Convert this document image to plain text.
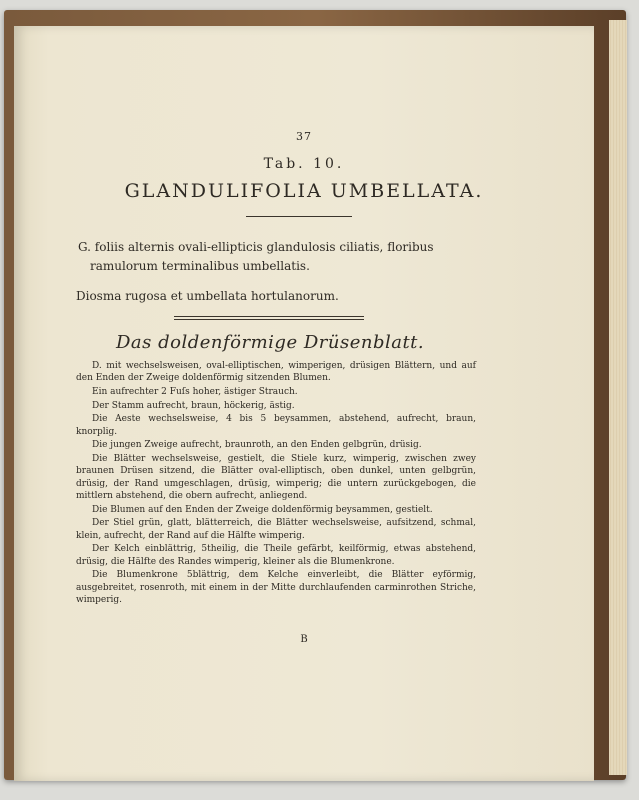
37
Tab. 10.
GLANDULIFOLIA UMBELLATA.
G. foliis alternis ovali-ellipticis glandulosis ciliatis, floribus ramulorum terminalibus umbellatis.
Diosma rugosa et umbellata hortulanorum.
Das doldenförmige Drüsenblatt.

D. mit wechselsweisen, oval-elliptischen, wimperigen, drüsigen Blättern, und auf den Enden der Zweige doldenförmig sitzenden Blumen.

Ein aufrechter 2 Fuſs hoher, ästiger Strauch.

Der Stamm aufrecht, braun, höckerig, ästig.

Die Aeste wechselsweise, 4 bis 5 beysammen, abstehend, aufrecht, braun, knorplig.

Die jungen Zweige aufrecht, braunroth, an den Enden gelbgrün, drüsig.

Die Blätter wechselsweise, gestielt, die Stiele kurz, wimperig, zwischen zwey braunen Drüsen sitzend, die Blätter oval-elliptisch, oben dunkel, unten gelbgrün, drüsig, der Rand umgeschlagen, drüsig, wimperig; die untern zurückgebogen, die mittlern abstehend, die obern aufrecht, anliegend.

Die Blumen auf den Enden der Zweige doldenförmig beysammen, gestielt.

Der Stiel grün, glatt, blätterreich, die Blätter wechselsweise, aufsitzend, schmal, klein, aufrecht, der Rand auf die Hälfte wimperig.

Der Kelch einblättrig, 5theilig, die Theile gefärbt, keilförmig, etwas abstehend, drüsig, die Hälfte des Randes wimperig, kleiner als die Blumenkrone.

Die Blumenkrone 5blättrig, dem Kelche einverleibt, die Blätter eyförmig, ausgebreitet, rosenroth, mit einem in der Mitte durchlaufenden carminrothen Striche, wimperig.

B
